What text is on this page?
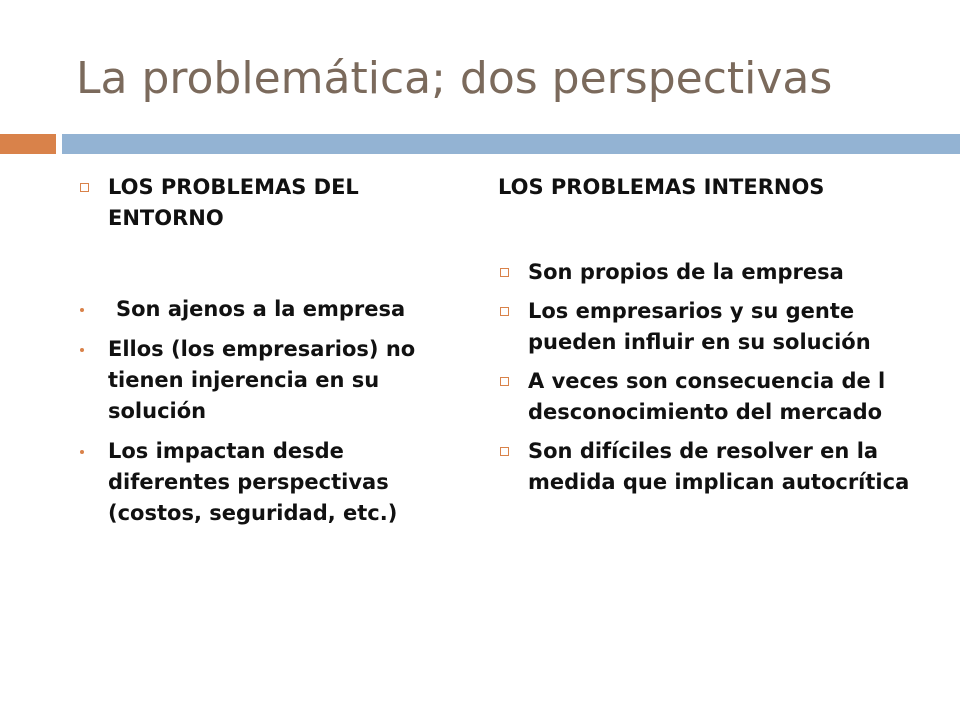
La problemática; dos perspectivas
LOS PROBLEMAS DEL ENTORNO
Son ajenos a la empresa
Ellos (los empresarios) no tienen injerencia en su solución
Los impactan desde diferentes perspectivas (costos, seguridad, etc.)
LOS PROBLEMAS INTERNOS
Son propios de la empresa
Los empresarios y su gente pueden influir en su solución
A veces son consecuencia de l desconocimiento del mercado
Son difíciles de resolver en la medida que implican autocrítica
